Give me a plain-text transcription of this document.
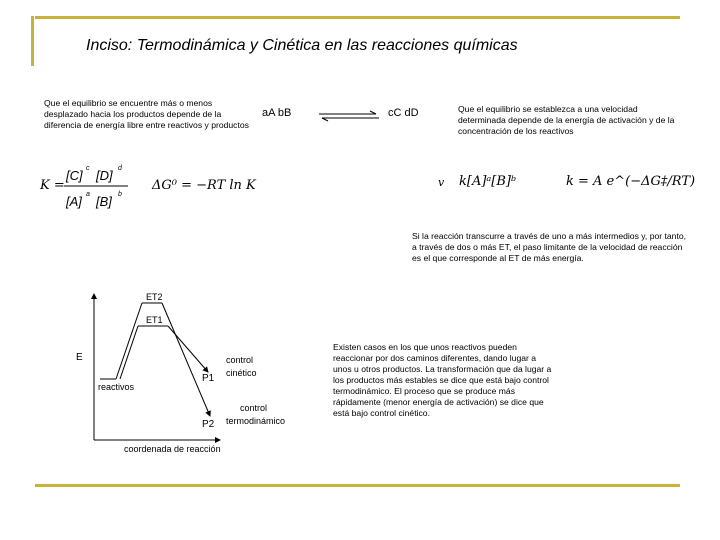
Inciso: Termodinámica y Cinética en las reacciones químicas
Que el equilibrio se encuentre más o menos desplazado hacia los productos depende de la diferencia de energía libre entre reactivos y productos
aA bB ⇌ cC dD	Que el equilibrio se establezca a una velocidad determinada depende de la energía de activación y de la concentración de los reactivos
K =
[C] c [D] d
[A] a [B] b
ΔG⁰ = −RT ln K	v k[A]ᵃ[B]ᵇ	k = A e^(−ΔG‡/RT)
Si la reacción transcurre a través de uno a más intermedios y, por tanto, a través de dos o más ET, el paso limitante de la velocidad de reacción es el que corresponde al ET de más energía.
E
coordenada de reacción
reactivos
ET2
ET1
P1
P2
control
cinético
control
termodinámico
Existen casos en los que unos reactivos pueden reaccionar por dos caminos diferentes, dando lugar a unos u otros productos. La transformación que da lugar a los productos más estables se dice que está bajo control termodinámico. El proceso que se produce más rápidamente (menor energía de activación) se dice que está bajo control cinético.
